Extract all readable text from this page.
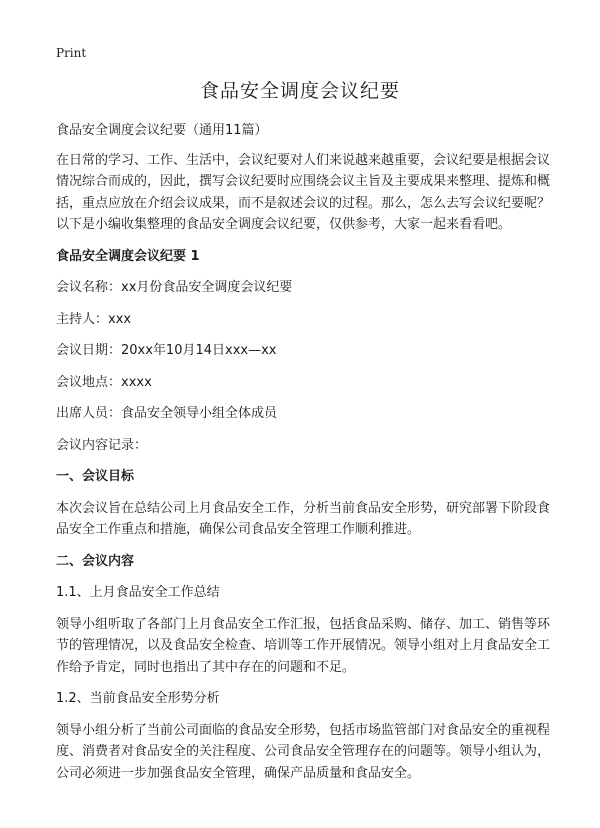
Print
食品安全调度会议纪要

食品安全调度会议纪要（通用11篇）

在日常的学习、工作、生活中，会议纪要对人们来说越来越重要，会议纪要是根据会议情况综合而成的，因此，撰写会议纪要时应围绕会议主旨及主要成果来整理、提炼和概括，重点应放在介绍会议成果，而不是叙述会议的过程。那么，怎么去写会议纪要呢？以下是小编收集整理的食品安全调度会议纪要，仅供参考，大家一起来看看吧。

食品安全调度会议纪要 1

会议名称：xx月份食品安全调度会议纪要

主持人：xxx

会议日期：20xx年10月14日xxx—xx

会议地点：xxxx

出席人员：食品安全领导小组全体成员

会议内容记录：

一、会议目标

本次会议旨在总结公司上月食品安全工作，分析当前食品安全形势，研究部署下阶段食品安全工作重点和措施，确保公司食品安全管理工作顺利推进。

二、会议内容

1.1、上月食品安全工作总结

领导小组听取了各部门上月食品安全工作汇报，包括食品采购、储存、加工、销售等环节的管理情况，以及食品安全检查、培训等工作开展情况。领导小组对上月食品安全工作给予肯定，同时也指出了其中存在的问题和不足。

1.2、当前食品安全形势分析

领导小组分析了当前公司面临的食品安全形势，包括市场监管部门对食品安全的重视程度、消费者对食品安全的关注程度、公司食品安全管理存在的问题等。领导小组认为，公司必须进一步加强食品安全管理，确保产品质量和食品安全。
